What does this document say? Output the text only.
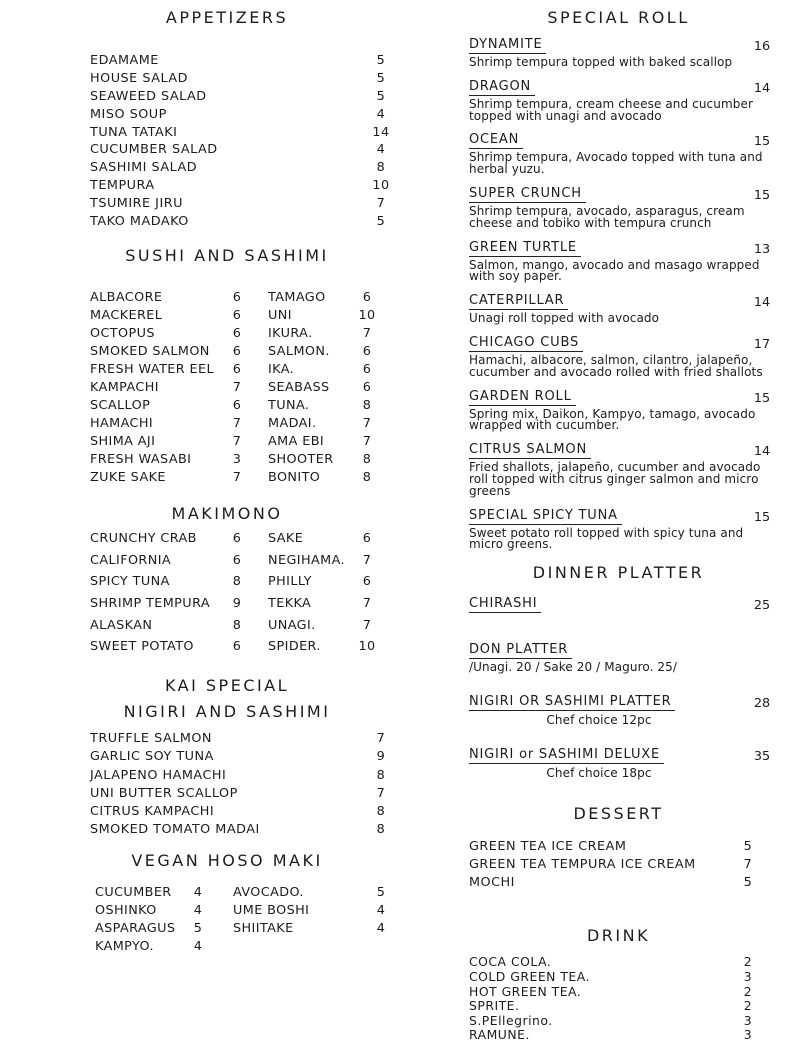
APPETIZERS
EDAMAME	5
HOUSE SALAD	5
SEAWEED SALAD	5
MISO SOUP	4
TUNA TATAKI	14
CUCUMBER SALAD	4
SASHIMI SALAD	8
TEMPURA	10
TSUMIRE JIRU	7
TAKO MADAKO	5
SUSHI AND SASHIMI
ALBACORE	6	TAMAGO	6
MACKEREL	6	UNI	10
OCTOPUS	6	IKURA.	7
SMOKED SALMON	6	SALMON.	6
FRESH WATER EEL	6	IKA.	6
KAMPACHI	7	SEABASS	6
SCALLOP	6	TUNA.	8
HAMACHI	7	MADAI.	7
SHIMA AJI	7	AMA EBI	7
FRESH WASABI	3	SHOOTER	8
ZUKE SAKE	7	BONITO	8
MAKIMONO
CRUNCHY CRAB	6	SAKE	6
CALIFORNIA	6	NEGIHAMA.	7
SPICY TUNA	8	PHILLY	6
SHRIMP TEMPURA	9	TEKKA	7
ALASKAN	8	UNAGI.	7
SWEET POTATO	6	SPIDER.	10
KAI SPECIAL
NIGIRI AND SASHIMI
TRUFFLE SALMON	7
GARLIC SOY TUNA	9
JALAPENO HAMACHI	8
UNI BUTTER SCALLOP	7
CITRUS KAMPACHI	8
SMOKED TOMATO MADAI	8
VEGAN HOSO MAKI
CUCUMBER	4	AVOCADO.	5
OSHINKO	4	UME BOSHI	4
ASPARAGUS	5	SHIITAKE	4
KAMPYO.	4
SPECIAL ROLL
DYNAMITE	16
Shrimp tempura topped with baked scallop
DRAGON	14
Shrimp tempura, cream cheese and cucumber topped with unagi and avocado
OCEAN	15
Shrimp tempura, Avocado topped with tuna and herbal yuzu.
SUPER CRUNCH	15
Shrimp tempura, avocado, asparagus, cream cheese and tobiko with tempura crunch
GREEN TURTLE	13
Salmon, mango, avocado and masago wrapped with soy paper.
CATERPILLAR	14
Unagi roll topped with avocado
CHICAGO CUBS	17
Hamachi, albacore, salmon, cilantro, jalapeño, cucumber and avocado rolled with fried shallots
GARDEN ROLL	15
Spring mix, Daikon, Kampyo, tamago, avocado wrapped with cucumber.
CITRUS SALMON	14
Fried shallots, jalapeño, cucumber and avocado roll topped with citrus ginger salmon and micro greens
SPECIAL SPICY TUNA	15
Sweet potato roll topped with spicy tuna and micro greens.
DINNER PLATTER
CHIRASHI	25
DON PLATTER
/Unagi. 20 / Sake 20 / Maguro. 25/
NIGIRI OR SASHIMI PLATTER	28
Chef choice 12pc
NIGIRI or SASHIMI DELUXE	35
Chef choice 18pc
DESSERT
GREEN TEA ICE CREAM	5
GREEN TEA TEMPURA ICE CREAM	7
MOCHI	5
DRINK
COCA COLA.	2
COLD GREEN TEA.	3
HOT GREEN TEA.	2
SPRITE.	2
S.PEllegrino.	3
RAMUNE.	3
